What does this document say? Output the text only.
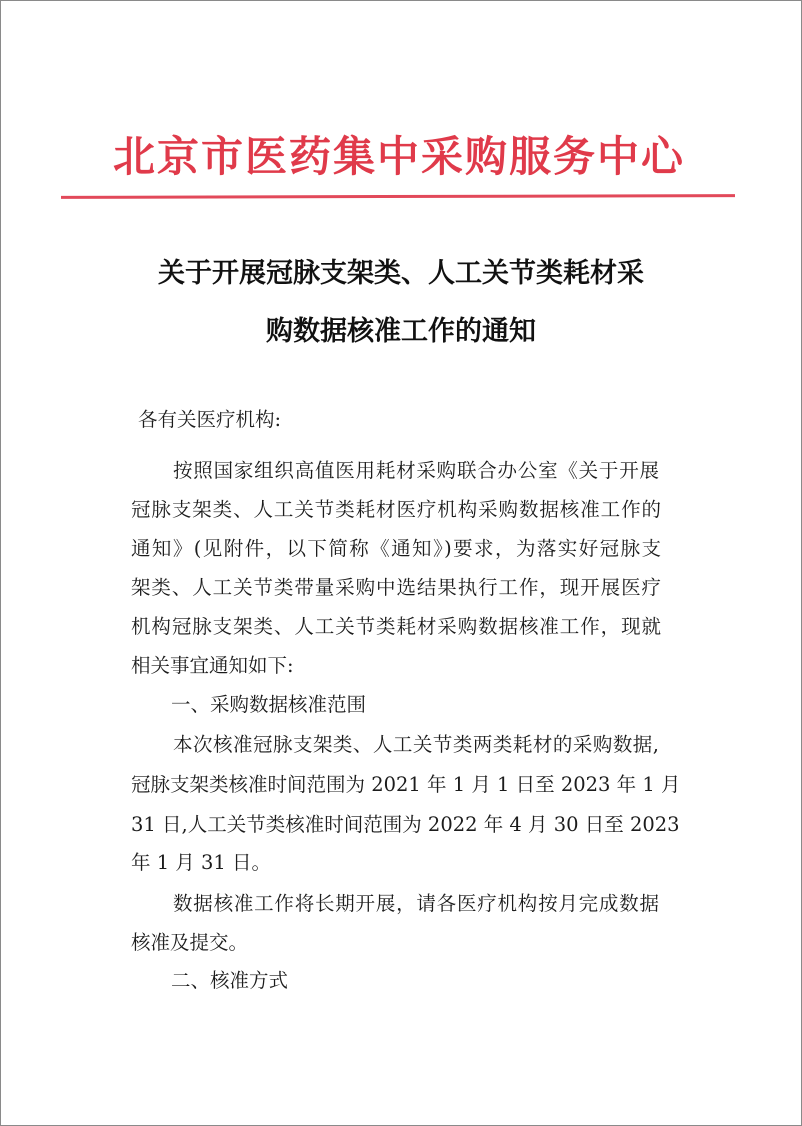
北京市医药集中采购服务中心
关于开展冠脉支架类、人工关节类耗材采
购数据核准工作的通知
各有关医疗机构:
按照国家组织高值医用耗材采购联合办公室《关于开展
冠脉支架类、人工关节类耗材医疗机构采购数据核准工作的
通知》(见附件，以下简称《通知》)要求，为落实好冠脉支
架类、人工关节类带量采购中选结果执行工作，现开展医疗
机构冠脉支架类、人工关节类耗材采购数据核准工作，现就
相关事宜通知如下:
一、采购数据核准范围
本次核准冠脉支架类、人工关节类两类耗材的采购数据,
冠脉支架类核准时间范围为 2021 年 1 月 1 日至 2023 年 1 月
31 日,人工关节类核准时间范围为 2022 年 4 月 30 日至 2023
年 1 月 31 日。
数据核准工作将长期开展，请各医疗机构按月完成数据
核准及提交。
二、核准方式
